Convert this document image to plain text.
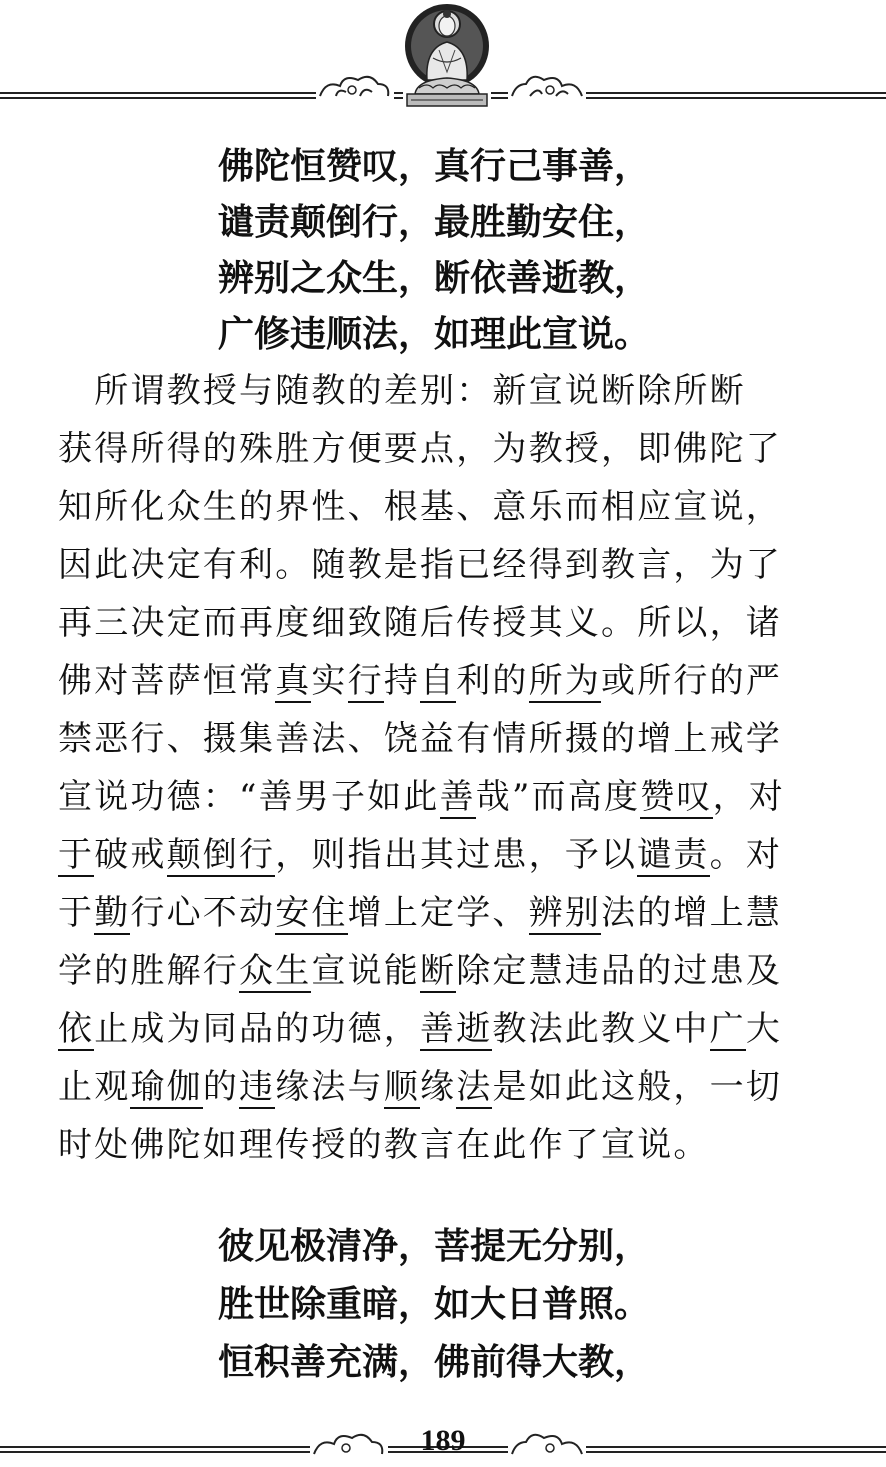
佛陀恒赞叹，真行己事善，
谴责颠倒行，最胜勤安住，
辨别之众生，断依善逝教，
广修违顺法，如理此宣说。
　所谓教授与随教的差别：新宣说断除所断
获得所得的殊胜方便要点，为教授，即佛陀了
知所化众生的界性、根基、意乐而相应宣说，
因此决定有利。随教是指已经得到教言，为了
再三决定而再度细致随后传授其义。所以，诸
佛对菩萨恒常真实行持自利的所为或所行的严
禁恶行、摄集善法、饶益有情所摄的增上戒学
宣说功德：“善男子如此善哉”而高度赞叹，对
于破戒颠倒行，则指出其过患，予以谴责。对
于勤行心不动安住增上定学、辨别法的增上慧
学的胜解行众生宣说能断除定慧违品的过患及
依止成为同品的功德，善逝教法此教义中广大
止观瑜伽的违缘法与顺缘法是如此这般，一切
时处佛陀如理传授的教言在此作了宣说。
彼见极清净，菩提无分别，
胜世除重暗，如大日普照。
恒积善充满，佛前得大教，
189
